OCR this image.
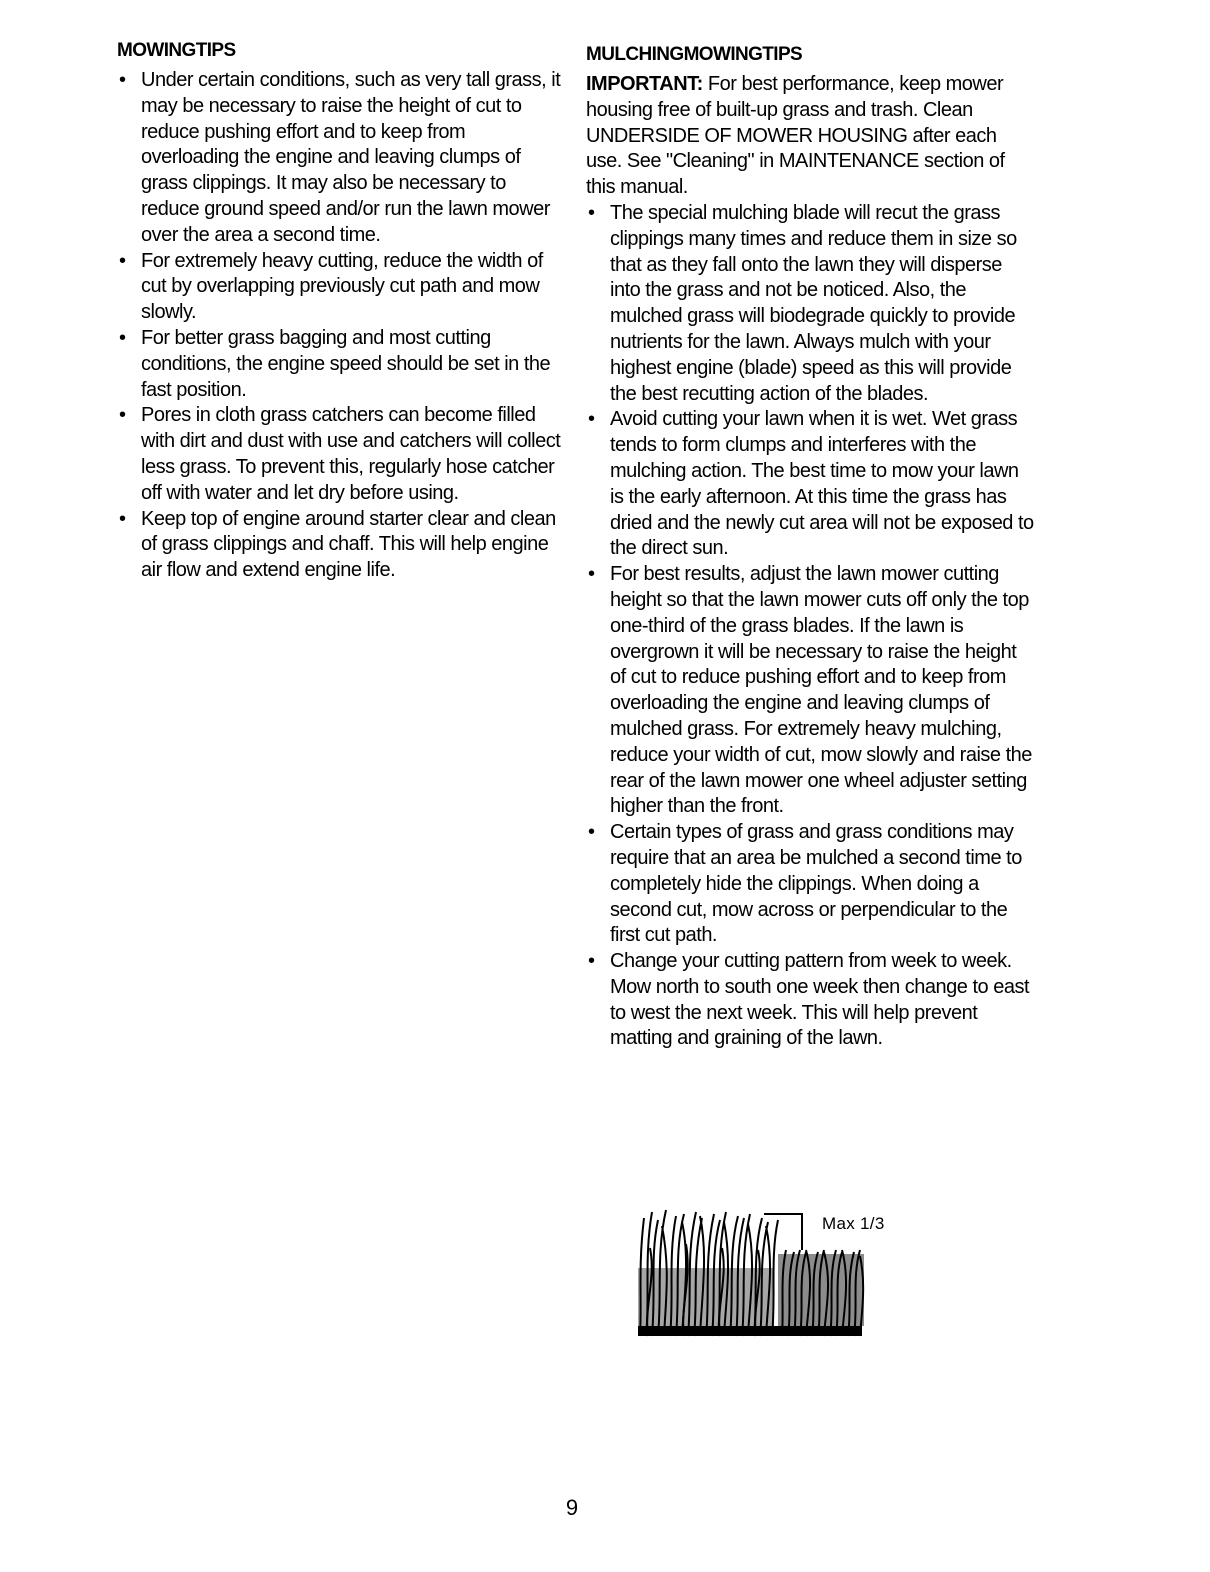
MOWINGTIPS
• Under certain conditions, such as very tall grass, it may be necessary to raise the height of cut to reduce pushing effort and to keep from overloading the engine and leaving clumps of grass clippings. It may also be necessary to reduce ground speed and/or run the lawn mower over the area a second time.
• For extremely heavy cutting, reduce the width of cut by overlapping previously cut path and mow slowly.
• For better grass bagging and most cutting conditions, the engine speed should be set in the fast position.
• Pores in cloth grass catchers can become filled with dirt and dust with use and catchers will collect less grass. To prevent this, regularly hose catcher off with water and let dry before using.
• Keep top of engine around starter clear and clean of grass clippings and chaff. This will help engine air flow and extend engine life.
MULCHINGMOWINGTIPS

IMPORTANT: For best performance, keep mower housing free of built-up grass and trash. Clean UNDERSIDE OF MOWER HOUSING after each use. See "Cleaning" in MAINTENANCE section of this manual.

• The special mulching blade will recut the grass clippings many times and reduce them in size so that as they fall onto the lawn they will disperse into the grass and not be noticed. Also, the mulched grass will biodegrade quickly to provide nutrients for the lawn. Always mulch with your highest engine (blade) speed as this will provide the best recutting action of the blades.
• Avoid cutting your lawn when it is wet. Wet grass tends to form clumps and interferes with the mulching action. The best time to mow your lawn is the early afternoon. At this time the grass has dried and the newly cut area will not be exposed to the direct sun.
• For best results, adjust the lawn mower cutting height so that the lawn mower cuts off only the top one-third of the grass blades. If the lawn is overgrown it will be necessary to raise the height of cut to reduce pushing effort and to keep from overloading the engine and leaving clumps of mulched grass. For extremely heavy mulching, reduce your width of cut, mow slowly and raise the rear of the lawn mower one wheel adjuster setting higher than the front.
• Certain types of grass and grass conditions may require that an area be mulched a second time to completely hide the clippings. When doing a second cut, mow across or perpendicular to the first cut path.
• Change your cutting pattern from week to week. Mow north to south one week then change to east to west the next week. This will help prevent matting and graining of the lawn.
Max 1/3
9
